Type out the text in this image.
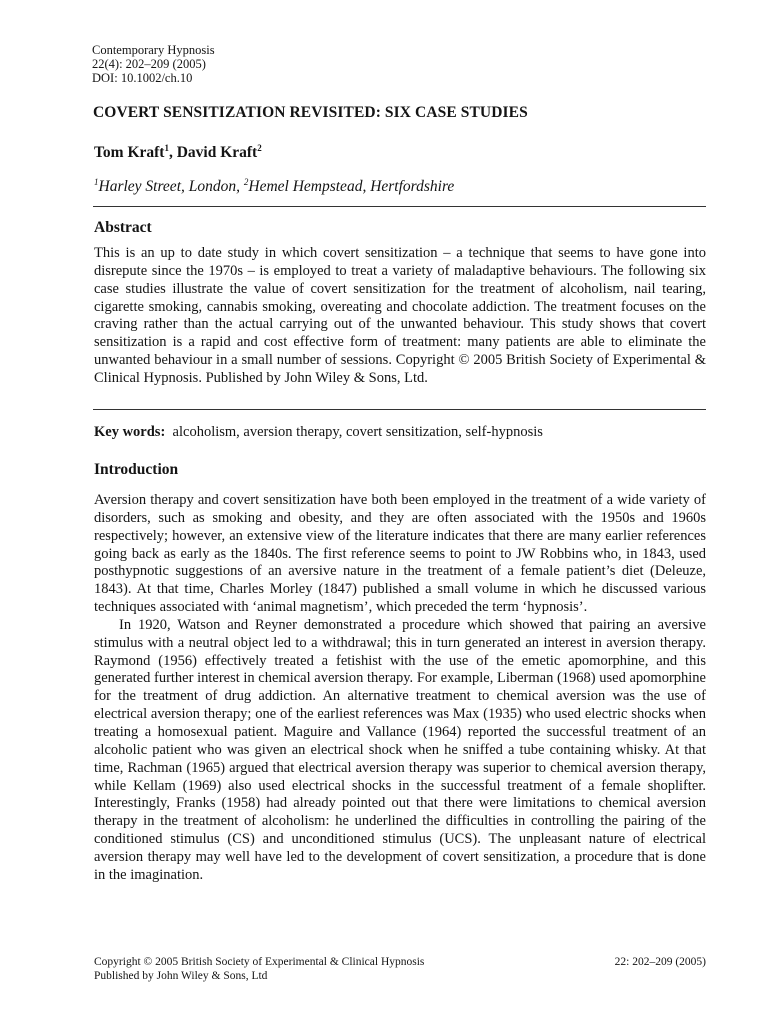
Contemporary Hypnosis
22(4): 202–209 (2005)
DOI: 10.1002/ch.10
COVERT SENSITIZATION REVISITED: SIX CASE STUDIES
Tom Kraft$^1$, David Kraft$^2$
$^1$Harley Street, London, $^2$Hemel Hempstead, Hertfordshire
Abstract
This is an up to date study in which covert sensitization – a technique that seems to have gone into disrepute since the 1970s – is employed to treat a variety of maladaptive behaviours. The following six case studies illustrate the value of covert sensitization for the treatment of alcoholism, nail tearing, cigarette smoking, cannabis smoking, overeating and chocolate addiction. The treatment focuses on the craving rather than the actual carrying out of the unwanted behaviour. This study shows that covert sensitization is a rapid and cost effective form of treatment: many patients are able to eliminate the unwanted behaviour in a small number of sessions. Copyright © 2005 British Society of Experimental & Clinical Hypnosis. Published by John Wiley & Sons, Ltd.
Key words: alcoholism, aversion therapy, covert sensitization, self-hypnosis
Introduction
Aversion therapy and covert sensitization have both been employed in the treatment of a wide variety of disorders, such as smoking and obesity, and they are often associated with the 1950s and 1960s respectively; however, an extensive view of the literature indicates that there are many earlier references going back as early as the 1840s. The first reference seems to point to JW Robbins who, in 1843, used posthypnotic suggestions of an aversive nature in the treatment of a female patient’s diet (Deleuze, 1843). At that time, Charles Morley (1847) published a small volume in which he discussed various techniques associated with ‘animal magnetism’, which preceded the term ‘hypnosis’.
In 1920, Watson and Reyner demonstrated a procedure which showed that pairing an aversive stimulus with a neutral object led to a withdrawal; this in turn generated an interest in aversion therapy. Raymond (1956) effectively treated a fetishist with the use of the emetic apomorphine, and this generated further interest in chemical aversion therapy. For example, Liberman (1968) used apomorphine for the treatment of drug addiction. An alternative treatment to chemical aversion was the use of electrical aversion therapy; one of the earliest references was Max (1935) who used electric shocks when treating a homosexual patient. Maguire and Vallance (1964) reported the successful treatment of an alcoholic patient who was given an electrical shock when he sniffed a tube containing whisky. At that time, Rachman (1965) argued that electrical aversion therapy was superior to chemical aversion therapy, while Kellam (1969) also used electrical shocks in the successful treatment of a female shoplifter. Interestingly, Franks (1958) had already pointed out that there were limitations to chemical aversion therapy in the treatment of alcoholism: he underlined the difficulties in controlling the pairing of the conditioned stimulus (CS) and unconditioned stimulus (UCS). The unpleasant nature of electrical aversion therapy may well have led to the development of covert sensitization, a procedure that is done in the imagination.
Copyright © 2005 British Society of Experimental & Clinical Hypnosis
Published by John Wiley & Sons, Ltd
22: 202–209 (2005)
